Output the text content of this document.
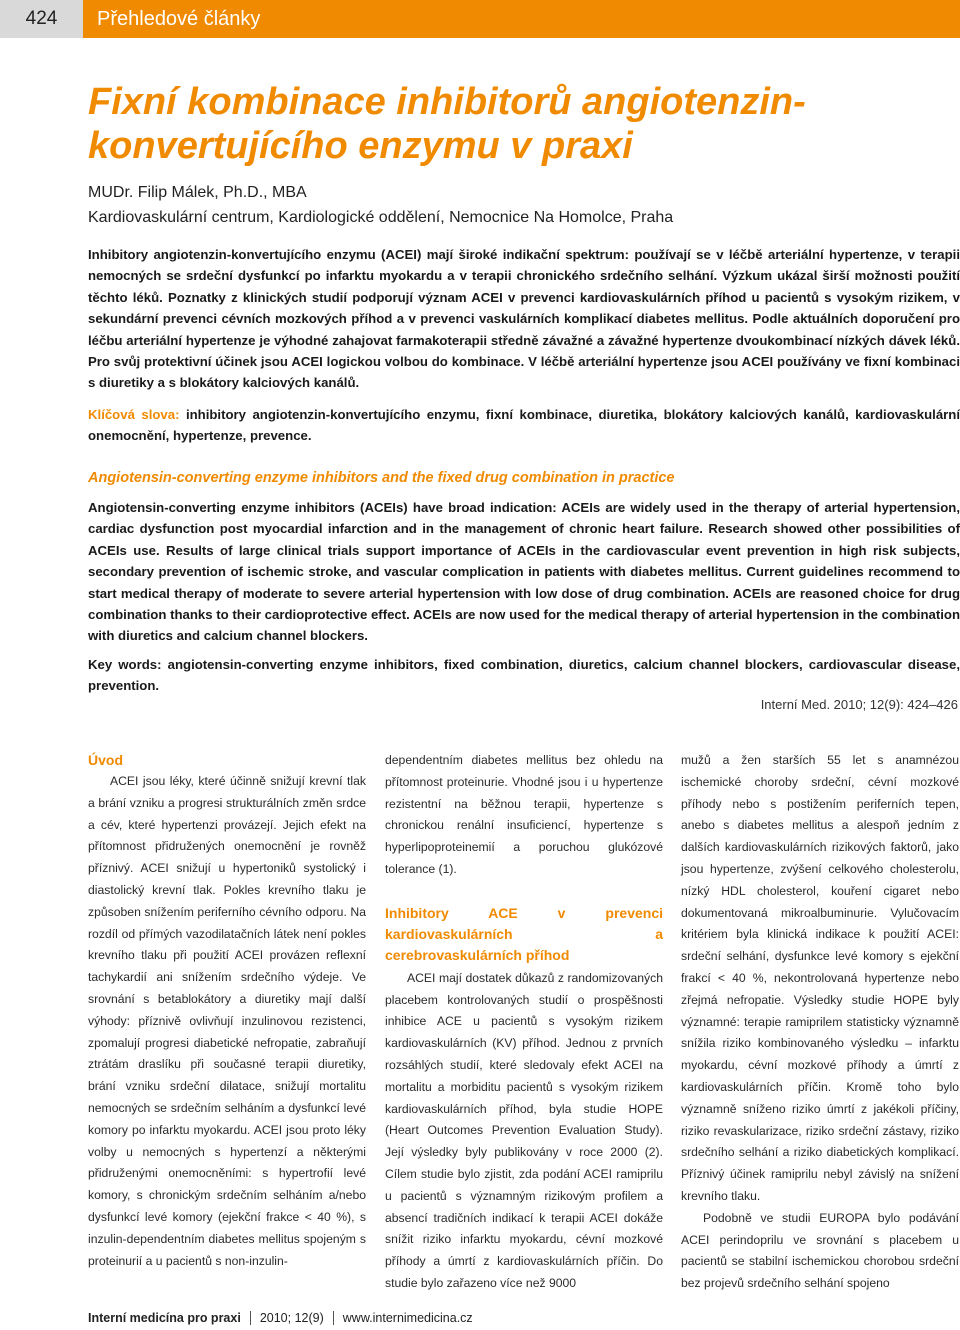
424	Přehledové články
Fixní kombinace inhibitorů angiotenzin-konvertujícího enzymu v praxi
MUDr. Filip Málek, Ph.D., MBA
Kardiovaskulární centrum, Kardiologické oddělení, Nemocnice Na Homolce, Praha

Inhibitory angiotenzin-konvertujícího enzymu (ACEI) mají široké indikační spektrum: používají se v léčbě arteriální hypertenze, v terapii nemocných se srdeční dysfunkcí po infarktu myokardu a v terapii chronického srdečního selhání. Výzkum ukázal širší možnosti použití těchto léků. Poznatky z klinických studií podporují význam ACEI v prevenci kardiovaskulárních příhod u pacientů s vysokým rizikem, v sekundární prevenci cévních mozkových příhod a v prevenci vaskulárních komplikací diabetes mellitus. Podle aktuálních doporučení pro léčbu arteriální hypertenze je výhodné zahajovat farmakoterapii středně závažné a závažné hypertenze dvoukombinací nízkých dávek léků. Pro svůj protektivní účinek jsou ACEI logickou volbou do kombinace. V léčbě arteriální hypertenze jsou ACEI používány ve fixní kombinaci s diuretiky a s blokátory kalciových kanálů.

Klíčová slova: inhibitory angiotenzin-konvertujícího enzymu, fixní kombinace, diuretika, blokátory kalciových kanálů, kardiovaskulární onemocnění, hypertenze, prevence.

Angiotensin-converting enzyme inhibitors and the fixed drug combination in practice

Angiotensin-converting enzyme inhibitors (ACEIs) have broad indication: ACEIs are widely used in the therapy of arterial hypertension, cardiac dysfunction post myocardial infarction and in the management of chronic heart failure. Research showed other possibilities of ACEIs use. Results of large clinical trials support importance of ACEIs in the cardiovascular event prevention in high risk subjects, secondary prevention of ischemic stroke, and vascular complication in patients with diabetes mellitus. Current guidelines recommend to start medical therapy of moderate to severe arterial hypertension with low dose of drug combination. ACEIs are reasoned choice for drug combination thanks to their cardioprotective effect. ACEIs are now used for the medical therapy of arterial hypertension in the combination with diuretics and calcium channel blockers.

Key words: angiotensin-converting enzyme inhibitors, fixed combination, diuretics, calcium channel blockers, cardiovascular disease, prevention.

Interní Med. 2010; 12(9): 424–426
Úvod

ACEI jsou léky, které účinně snižují krevní tlak a brání vzniku a progresi strukturálních změn srdce a cév, které hypertenzi provázejí. Jejich efekt na přítomnost přidružených onemocnění je rovněž příznivý. ACEI snižují u hypertoniků systolický i diastolický krevní tlak. Pokles krevního tlaku je způsoben snížením periferního cévního odporu. Na rozdíl od přímých vazodilatačních látek není pokles krevního tlaku při použití ACEI provázen reflexní tachykardií ani snížením srdečního výdeje. Ve srovnání s betablokátory a diuretiky mají další výhody: příznivě ovlivňují inzulinovou rezistenci, zpomalují progresi diabetické nefropatie, zabraňují ztrátám draslíku při současné terapii diuretiky, brání vzniku srdeční dilatace, snižují mortalitu nemocných se srdečním selháním a dysfunkcí levé komory po infarktu myokardu. ACEI jsou proto léky volby u nemocných s hypertenzí a některými přidruženými onemocněními: s hypertrofií levé komory, s chronickým srdečním selháním a/nebo dysfunkcí levé komory (ejekční frakce < 40 %), s inzulin-dependentním diabetes mellitus spojeným s proteinurií a u pacientů s non-inzulin-

dependentním diabetes mellitus bez ohledu na přítomnost proteinurie. Vhodné jsou i u hypertenze rezistentní na běžnou terapii, hypertenze s chronickou renální insuficiencí, hypertenze s hyperlipoproteinemií a poruchou glukózové tolerance (1).

Inhibitory ACE v prevenci kardiovaskulárních a cerebrovaskulárních příhod

ACEI mají dostatek důkazů z randomizovaných placebem kontrolovaných studií o prospěšnosti inhibice ACE u pacientů s vysokým rizikem kardiovaskulárních (KV) příhod. Jednou z prvních rozsáhlých studií, které sledovaly efekt ACEI na mortalitu a morbiditu pacientů s vysokým rizikem kardiovaskulárních příhod, byla studie HOPE (Heart Outcomes Prevention Evaluation Study). Její výsledky byly publikovány v roce 2000 (2). Cílem studie bylo zjistit, zda podání ACEI ramiprilu u pacientů s významným rizikovým profilem a absencí tradičních indikací k terapii ACEI dokáže snížit riziko infarktu myokardu, cévní mozkové příhody a úmrtí z kardiovaskulárních příčin. Do studie bylo zařazeno více než 9000

mužů a žen starších 55 let s anamnézou ischemické choroby srdeční, cévní mozkové příhody nebo s postižením periferních tepen, anebo s diabetes mellitus a alespoň jedním z dalších kardiovaskulárních rizikových faktorů, jako jsou hypertenze, zvýšení celkového cholesterolu, nízký HDL cholesterol, kouření cigaret nebo dokumentovaná mikroalbuminurie. Vylučovacím kritériem byla klinická indikace k použití ACEI: srdeční selhání, dysfunkce levé komory s ejekční frakcí < 40 %, nekontrolovaná hypertenze nebo zřejmá nefropatie. Výsledky studie HOPE byly významné: terapie ramiprilem statisticky významně snížila riziko kombinovaného výsledku – infarktu myokardu, cévní mozkové příhody a úmrtí z kardiovaskulárních příčin. Kromě toho bylo významně sníženo riziko úmrtí z jakékoli příčiny, riziko revaskularizace, riziko srdeční zástavy, riziko srdečního selhání a riziko diabetických komplikací. Příznivý účinek ramiprilu nebyl závislý na snížení krevního tlaku.

Podobně ve studii EUROPA bylo podávání ACEI perindoprilu ve srovnání s placebem u pacientů se stabilní ischemickou chorobou srdeční bez projevů srdečního selhání spojeno

Interní medicína pro praxi 2010; 12(9) www.internimedicina.cz
